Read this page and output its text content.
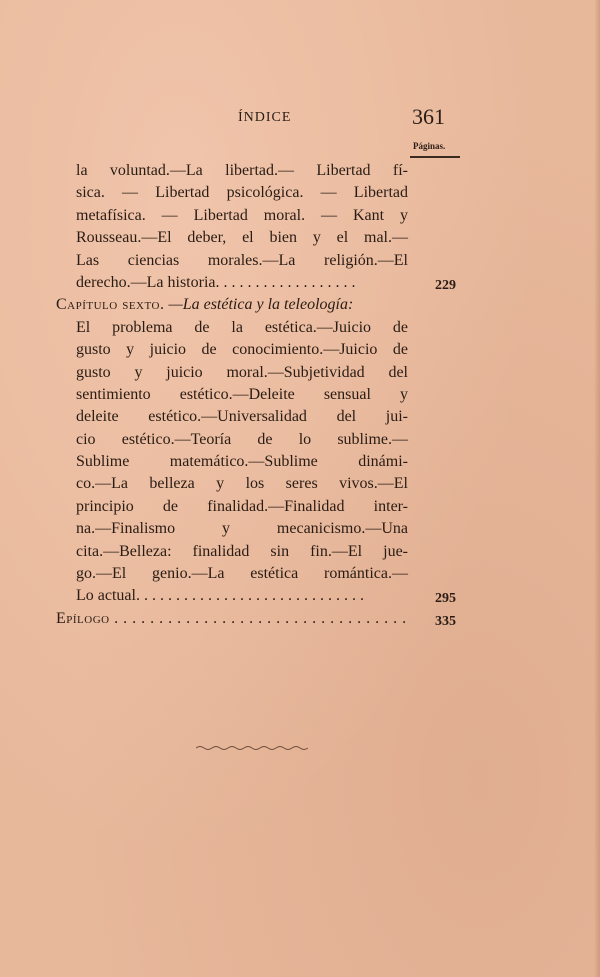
ÍNDICE	361
Páginas.
la voluntad.—La libertad.— Libertad fí-
sica. — Libertad psicológica. — Libertad
metafísica. — Libertad moral. — Kant y
Rousseau.—El deber, el bien y el mal.—
Las ciencias morales.—La religión.—El
derecho.—La historia. . . . . . . . . . . . . . . . . .	229
Capítulo sexto. —La estética y la teleología:
El problema de la estética.—Juicio de
gusto y juicio de conocimiento.—Juicio de
gusto y juicio moral.—Subjetividad del
sentimiento estético.—Deleite sensual y
deleite estético.—Universalidad del jui-
cio estético.—Teoría de lo sublime.—
Sublime matemático.—Sublime dinámi-
co.—La belleza y los seres vivos.—El
principio de finalidad.—Finalidad inter-
na.—Finalismo y mecanicismo.—Una
cita.—Belleza: finalidad sin fin.—El jue-
go.—El genio.—La estética romántica.—
Lo actual. . . . . . . . . . . . . . . . . . . . . . . . . . . . .	295
Epílogo . . . . . . . . . . . . . . . . . . . . . . . . . . . . . . . . . 335
